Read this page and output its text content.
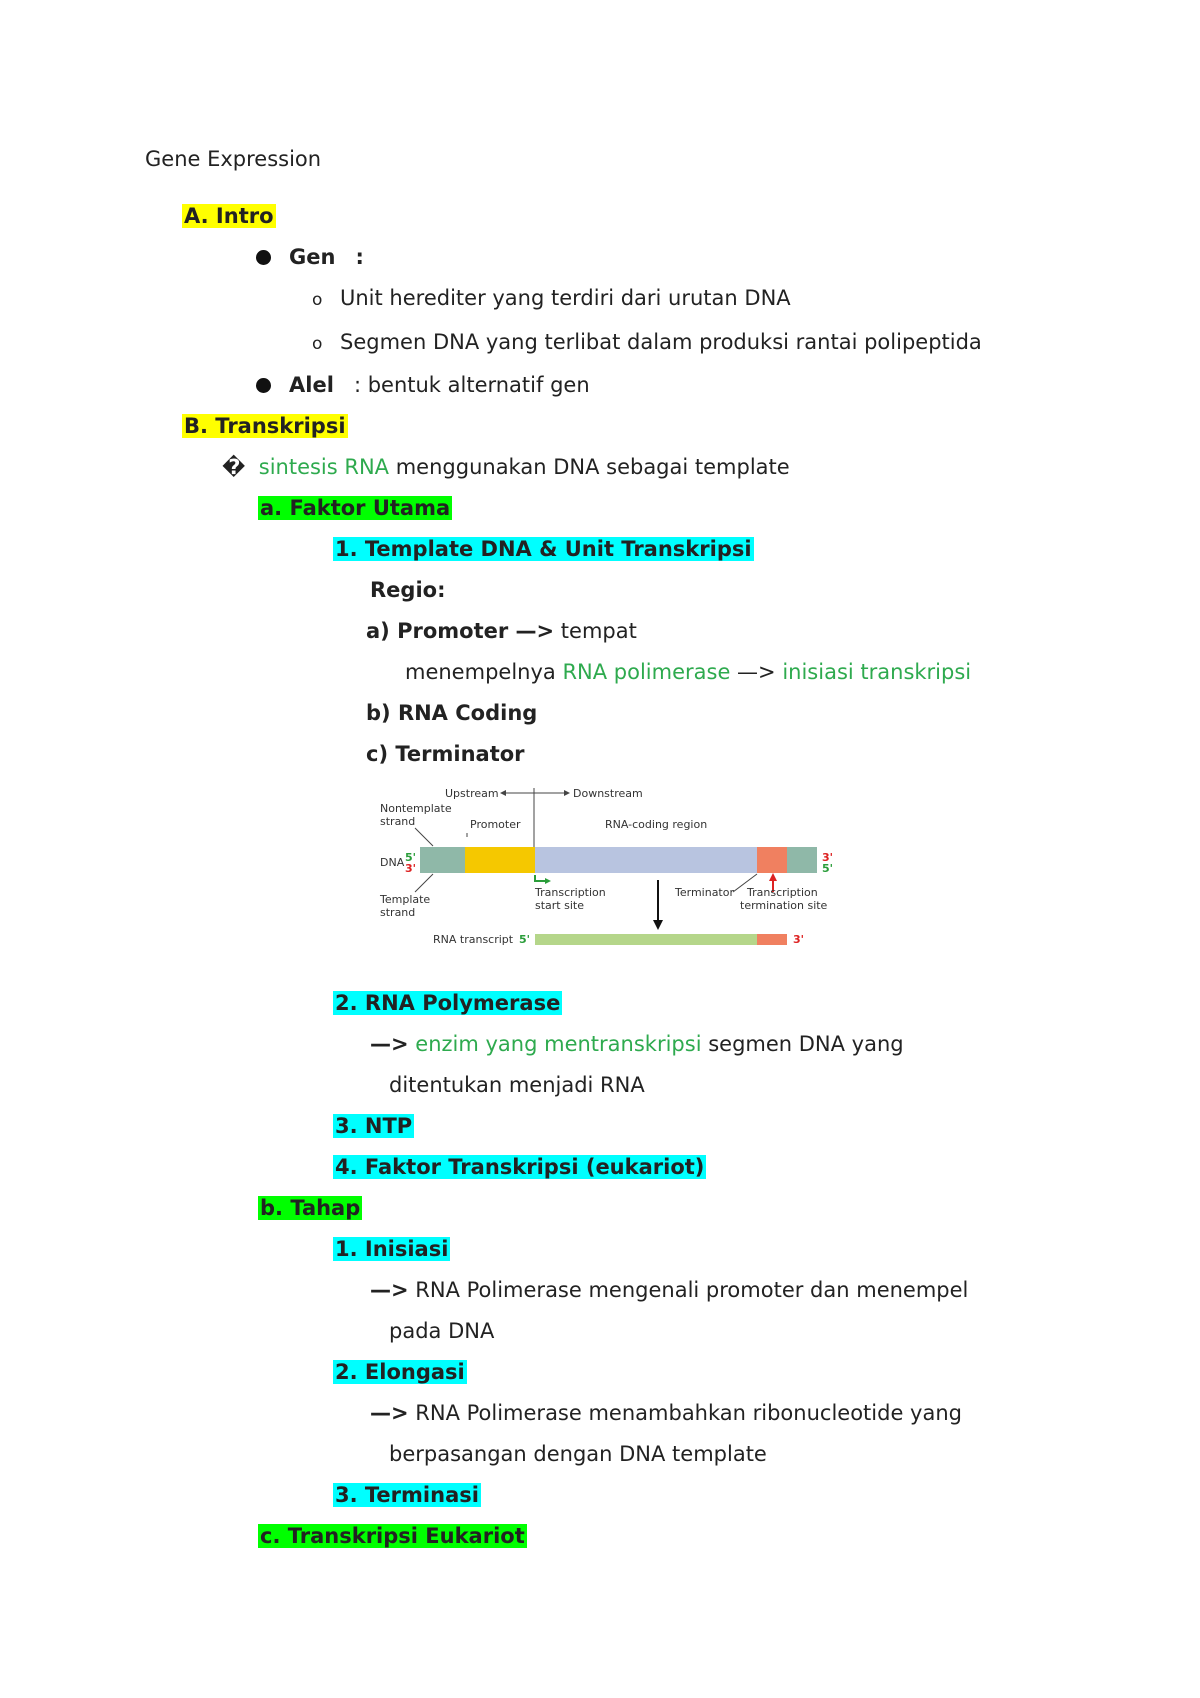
Gene Expression
A. Intro
Gen :
o Unit herediter yang terdiri dari urutan DNA
o Segmen DNA yang terlibat dalam produksi rantai polipeptida
Alel : bentuk alternatif gen
B. Transkripsi
� sintesis RNA menggunakan DNA sebagai template
a. Faktor Utama
1. Template DNA & Unit Transkripsi
Regio:
a) Promoter —> tempat
menempelnya RNA polimerase —> inisiasi transkripsi
b) RNA Coding
c) Terminator
Upstream	Downstream
Nontemplate
strand	Promoter	RNA-coding region
DNA 5'
3'
3'
5'
Transcription
start site
Template
strand
Terminator Transcription
termination site
RNA transcript 5'	3'
2. RNA Polymerase
—> enzim yang mentranskripsi segmen DNA yang
ditentukan menjadi RNA
3. NTP
4. Faktor Transkripsi (eukariot)
b. Tahap
1. Inisiasi
—> RNA Polimerase mengenali promoter dan menempel
pada DNA
2. Elongasi
—> RNA Polimerase menambahkan ribonucleotide yang
berpasangan dengan DNA template
3. Terminasi
c. Transkripsi Eukariot
